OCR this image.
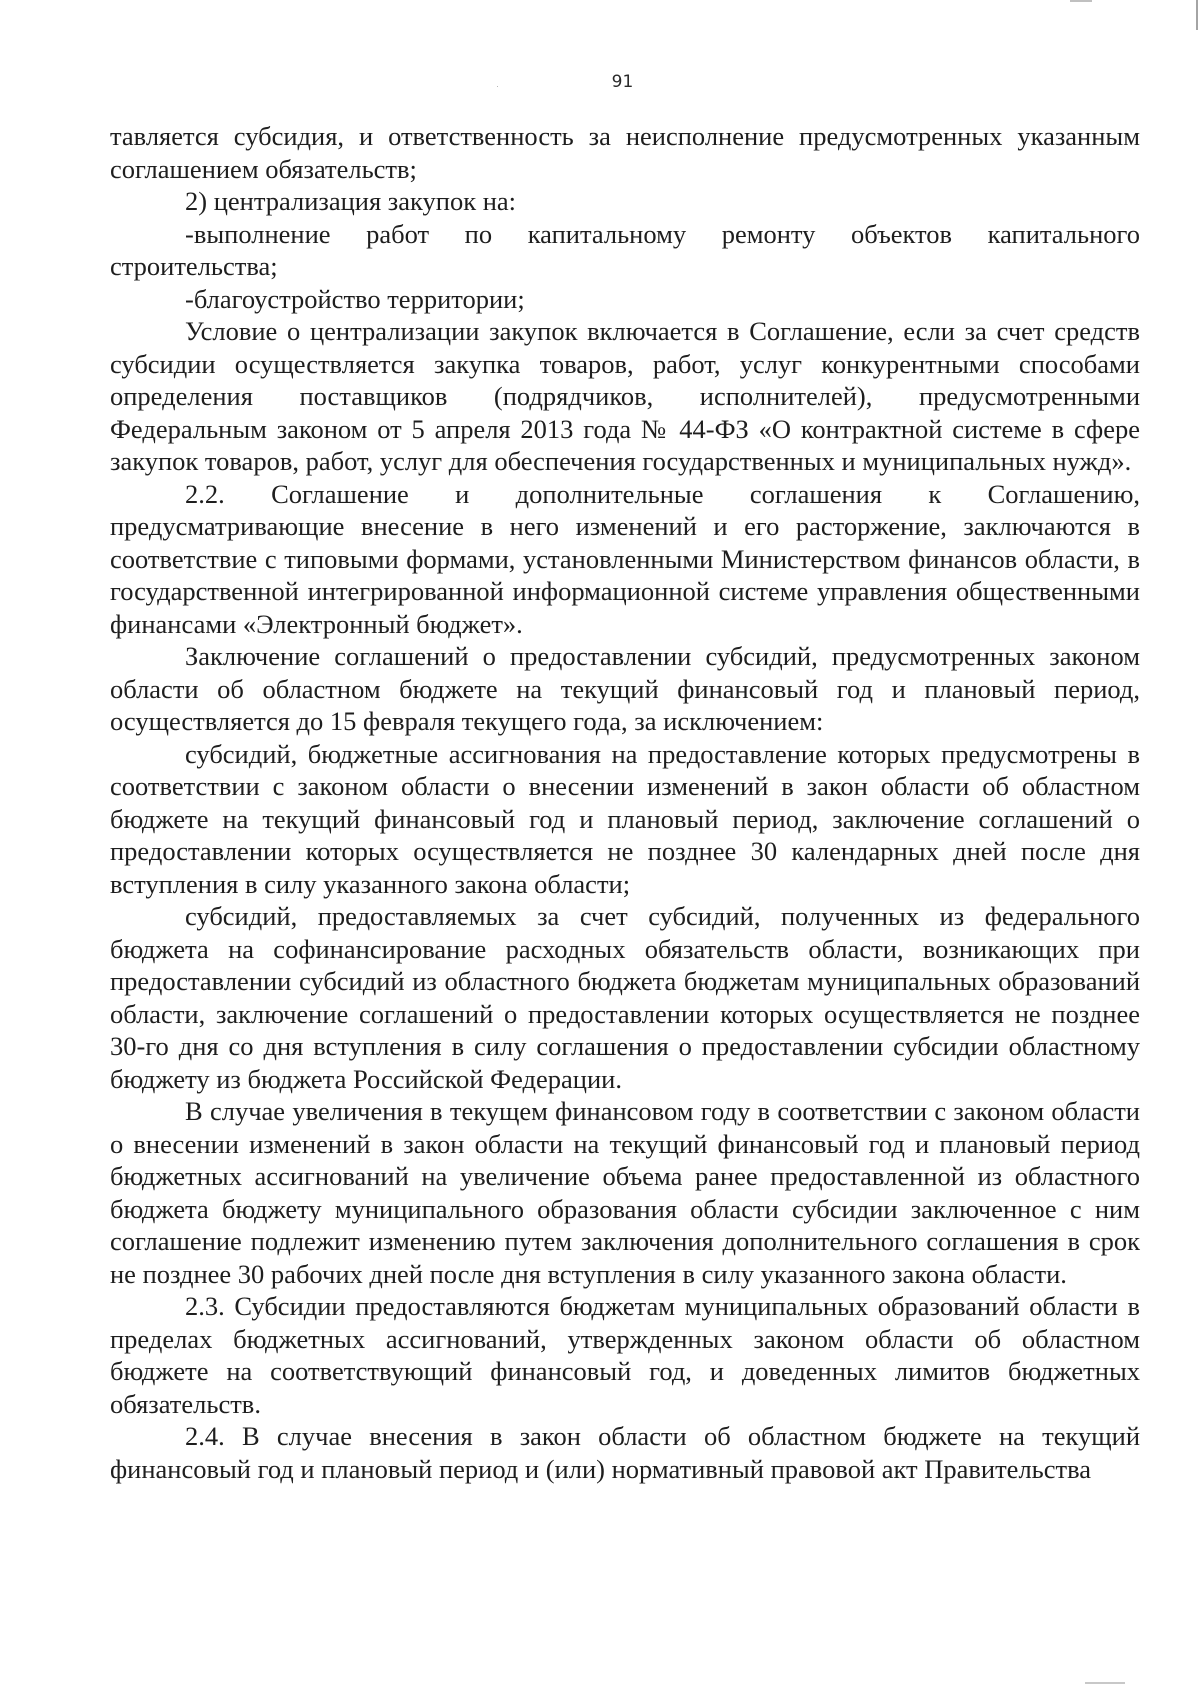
91

тавляется субсидия, и ответственность за неисполнение предусмотренных указанным соглашением обязательств;

2) централизация закупок на:

-выполнение работ по капитальному ремонту объектов капитального строительства;

-благоустройство территории;

Условие о централизации закупок включается в Соглашение, если за счет средств субсидии осуществляется закупка товаров, работ, услуг конкурентными способами определения поставщиков (подрядчиков, исполнителей), предусмотренными Федеральным законом от 5 апреля 2013 года № 44-ФЗ «О контрактной системе в сфере закупок товаров, работ, услуг для обеспечения государственных и муниципальных нужд».

2.2. Соглашение и дополнительные соглашения к Соглашению, предусматривающие внесение в него изменений и его расторжение, заключаются в соответствие с типовыми формами, установленными Министерством финансов области, в государственной интегрированной информационной системе управления общественными финансами «Электронный бюджет».

Заключение соглашений о предоставлении субсидий, предусмотренных законом области об областном бюджете на текущий финансовый год и плановый период, осуществляется до 15 февраля текущего года, за исключением:

субсидий, бюджетные ассигнования на предоставление которых предусмотрены в соответствии с законом области о внесении изменений в закон области об областном бюджете на текущий финансовый год и плановый период, заключение соглашений о предоставлении которых осуществляется не позднее 30 календарных дней после дня вступления в силу указанного закона области;

субсидий, предоставляемых за счет субсидий, полученных из федерального бюджета на софинансирование расходных обязательств области, возникающих при предоставлении субсидий из областного бюджета бюджетам муниципальных образований области, заключение соглашений о предоставлении которых осуществляется не позднее 30-го дня со дня вступления в силу соглашения о предоставлении субсидии областному бюджету из бюджета Российской Федерации.

В случае увеличения в текущем финансовом году в соответствии с законом области о внесении изменений в закон области на текущий финансовый год и плановый период бюджетных ассигнований на увеличение объема ранее предоставленной из областного бюджета бюджету муниципального образования области субсидии заключенное с ним соглашение подлежит изменению путем заключения дополнительного соглашения в срок не позднее 30 рабочих дней после дня вступления в силу указанного закона области.

2.3. Субсидии предоставляются бюджетам муниципальных образований области в пределах бюджетных ассигнований, утвержденных законом области об областном бюджете на соответствующий финансовый год, и доведенных лимитов бюджетных обязательств.

2.4. В случае внесения в закон области об областном бюджете на текущий финансовый год и плановый период и (или) нормативный правовой акт Правительства
